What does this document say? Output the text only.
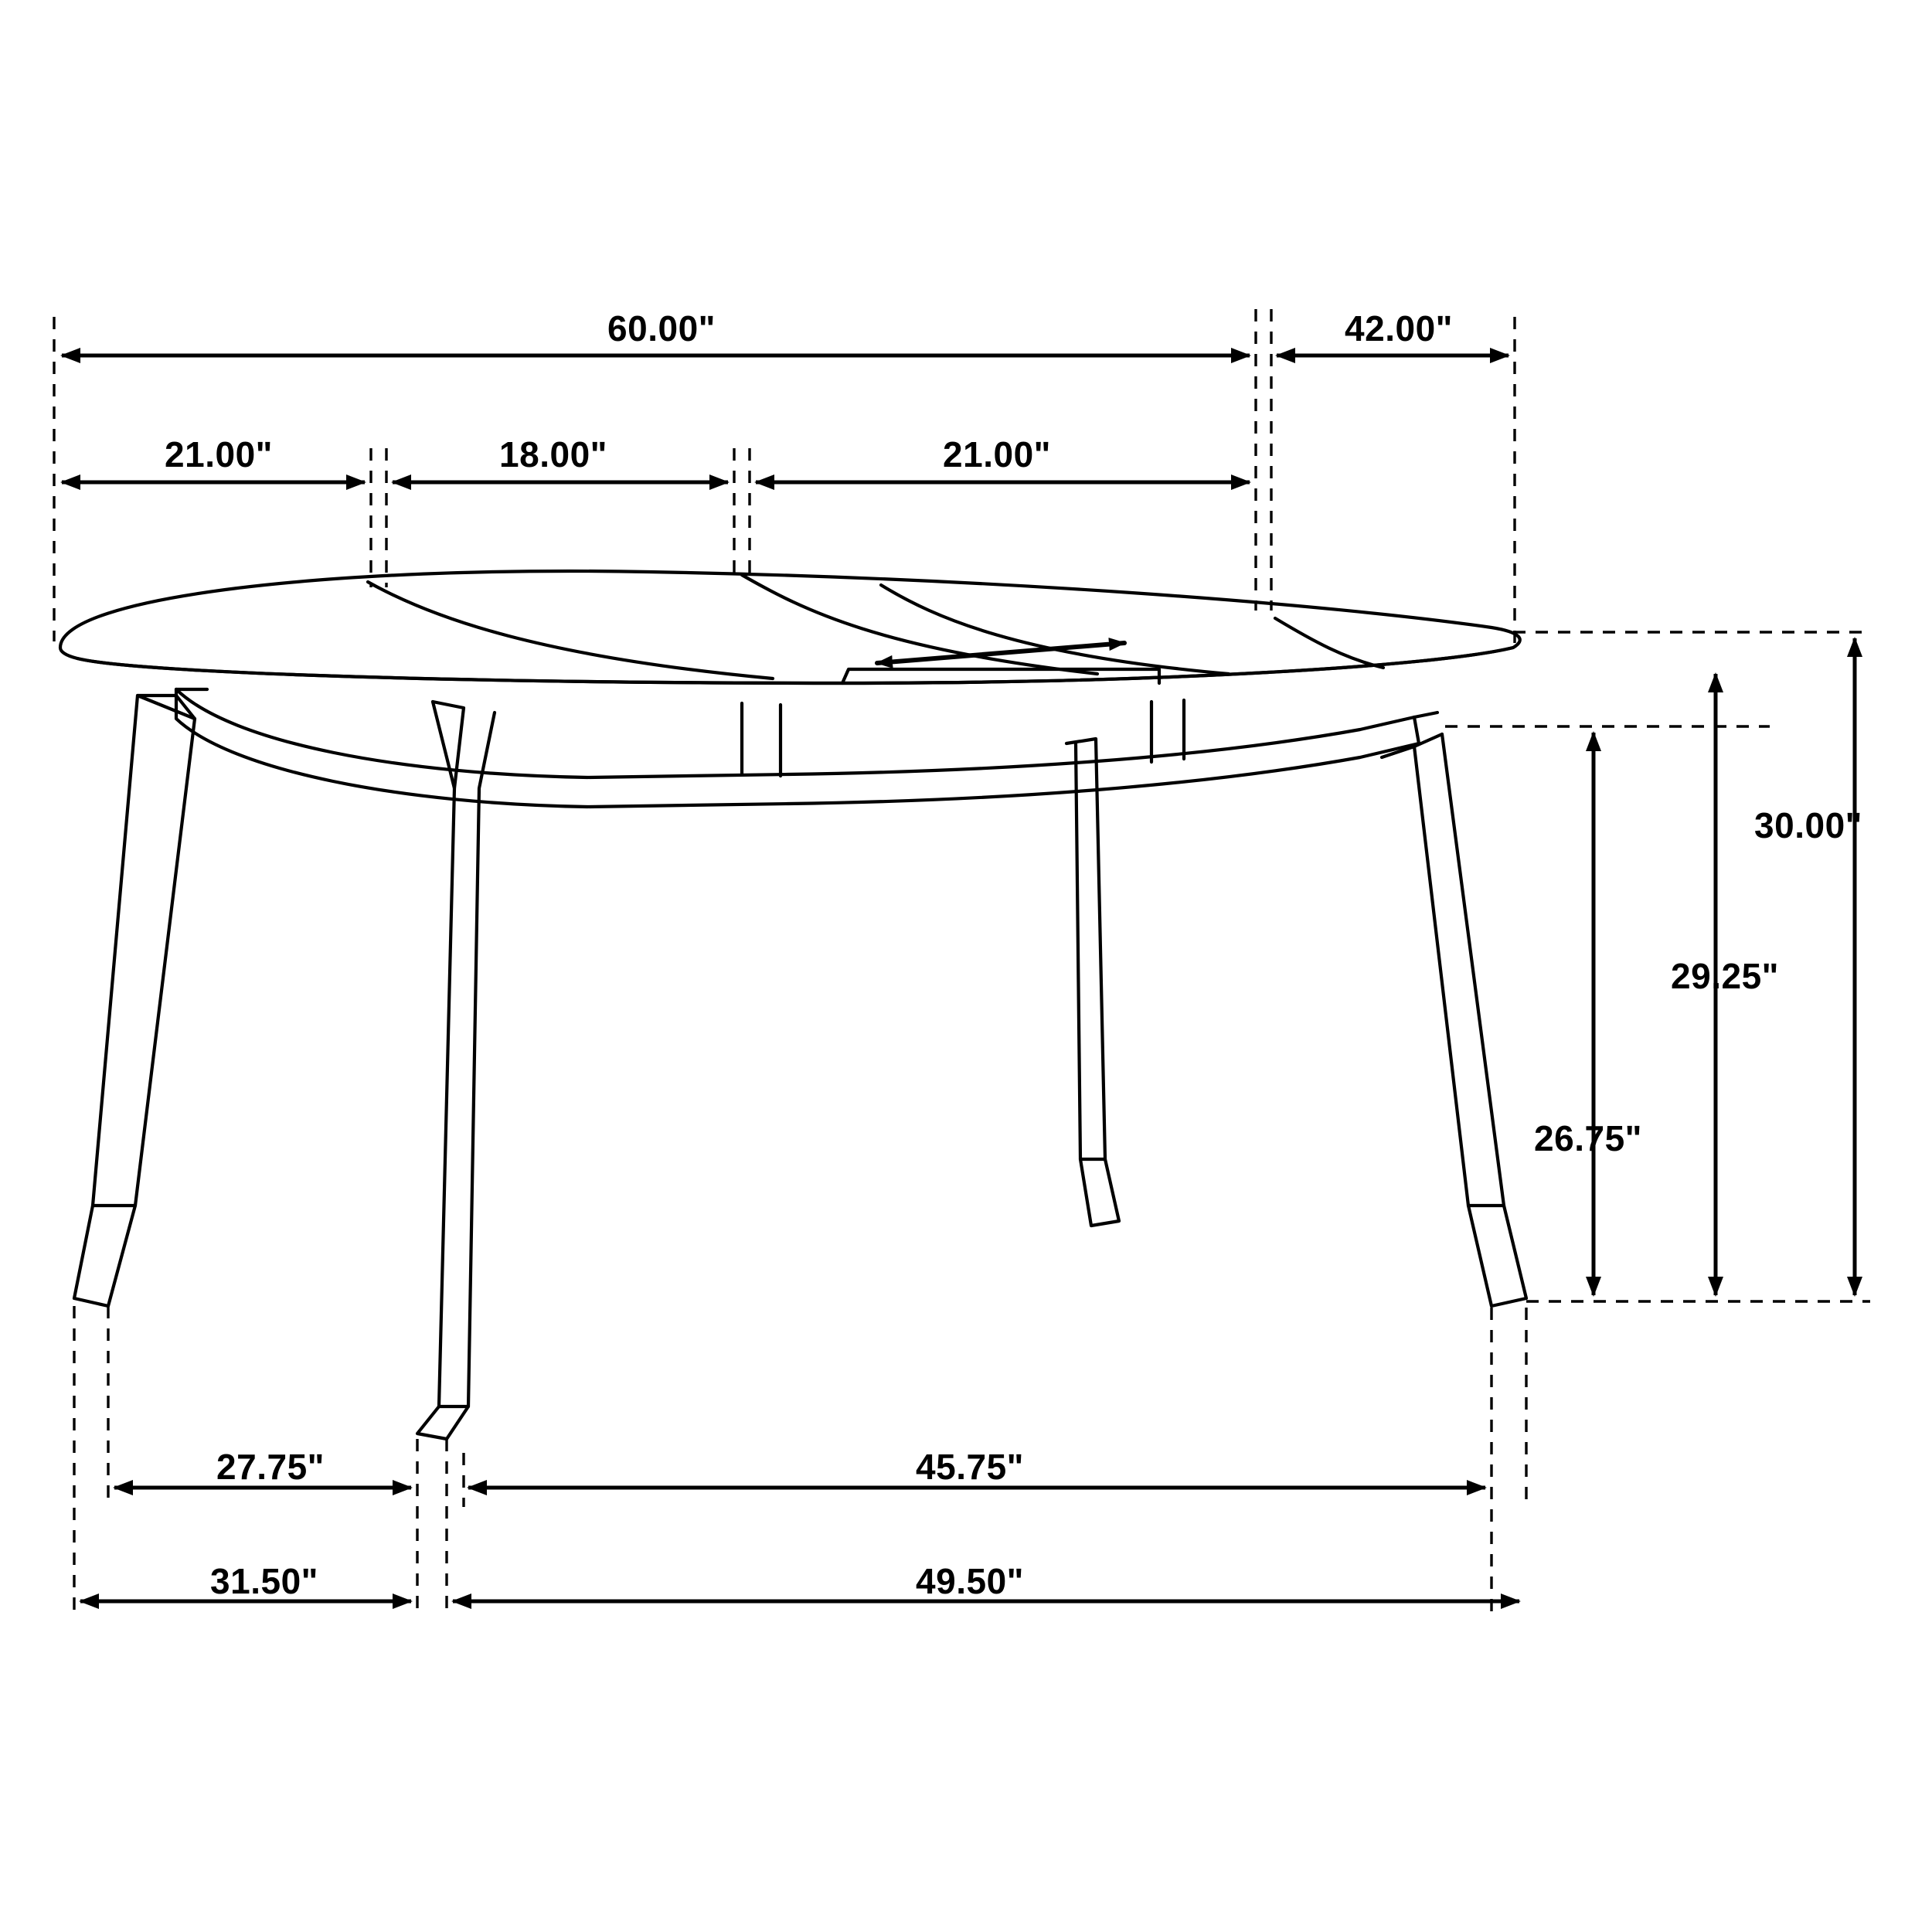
60.00"	42.00"
21.00"	18.00"	21.00"
30.00"
29.25"
26.75"
27.75"	45.75"
31.50"	49.50"
